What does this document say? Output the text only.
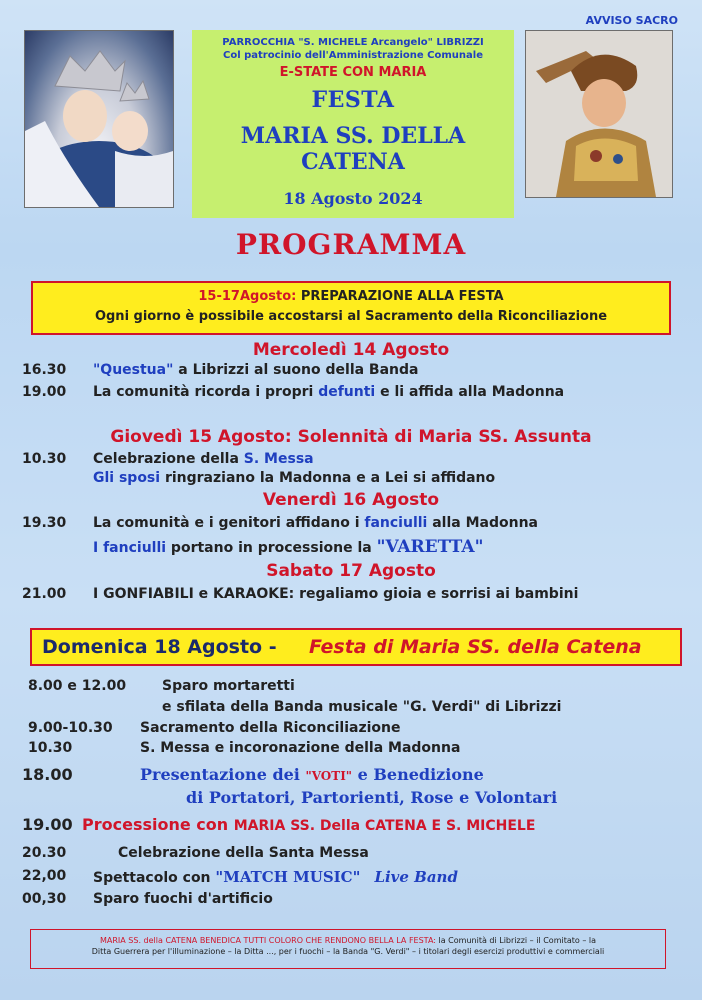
AVVISO SACRO
PARROCCHIA "S. MICHELE Arcangelo" LIBRIZZI
Col patrocinio dell'Amministrazione Comunale
E-STATE CON MARIA
FESTA
MARIA SS. DELLA CATENA
18 Agosto 2024
PROGRAMMA
15-17Agosto: PREPARAZIONE ALLA FESTA
Ogni giorno è possibile accostarsi al Sacramento della Riconciliazione
Mercoledì 14 Agosto
16.30 "Questua" a Librizzi al suono della Banda
19.00 La comunità ricorda i propri defunti e li affida alla Madonna
Giovedì 15 Agosto: Solennità di Maria SS. Assunta
10.30 Celebrazione della S. Messa
Gli sposi ringraziano la Madonna e a Lei si affidano
Venerdì 16 Agosto
19.30 La comunità e i genitori affidano i fanciulli alla Madonna
I fanciulli portano in processione la "VARETTA"
Sabato 17 Agosto
21.00 I GONFIABILI e KARAOKE: regaliamo gioia e sorrisi ai bambini
Domenica 18 Agosto - Festa di Maria SS. della Catena
8.00 e 12.00	Sparo mortaretti
e sfilata della Banda musicale "G. Verdi" di Librizzi
9.00-10.30 Sacramento della Riconciliazione
10.30	S. Messa e incoronazione della Madonna
18.00	Presentazione dei "VOTI" e Benedizione
di Portatori, Partorienti, Rose e Volontari
19.00 Processione con MARIA SS. Della CATENA E S. MICHELE
20.30	Celebrazione della Santa Messa
22,00 Spettacolo con "MATCH MUSIC" Live Band
00,30 Sparo fuochi d'artificio
MARIA SS. della CATENA BENEDICA TUTTI COLORO CHE RENDONO BELLA LA FESTA: la Comunità di Librizzi – il Comitato – la
Ditta Guerrera per l'illuminazione – la Ditta ..., per i fuochi – la Banda "G. Verdi" – i titolari degli esercizi produttivi e commerciali
